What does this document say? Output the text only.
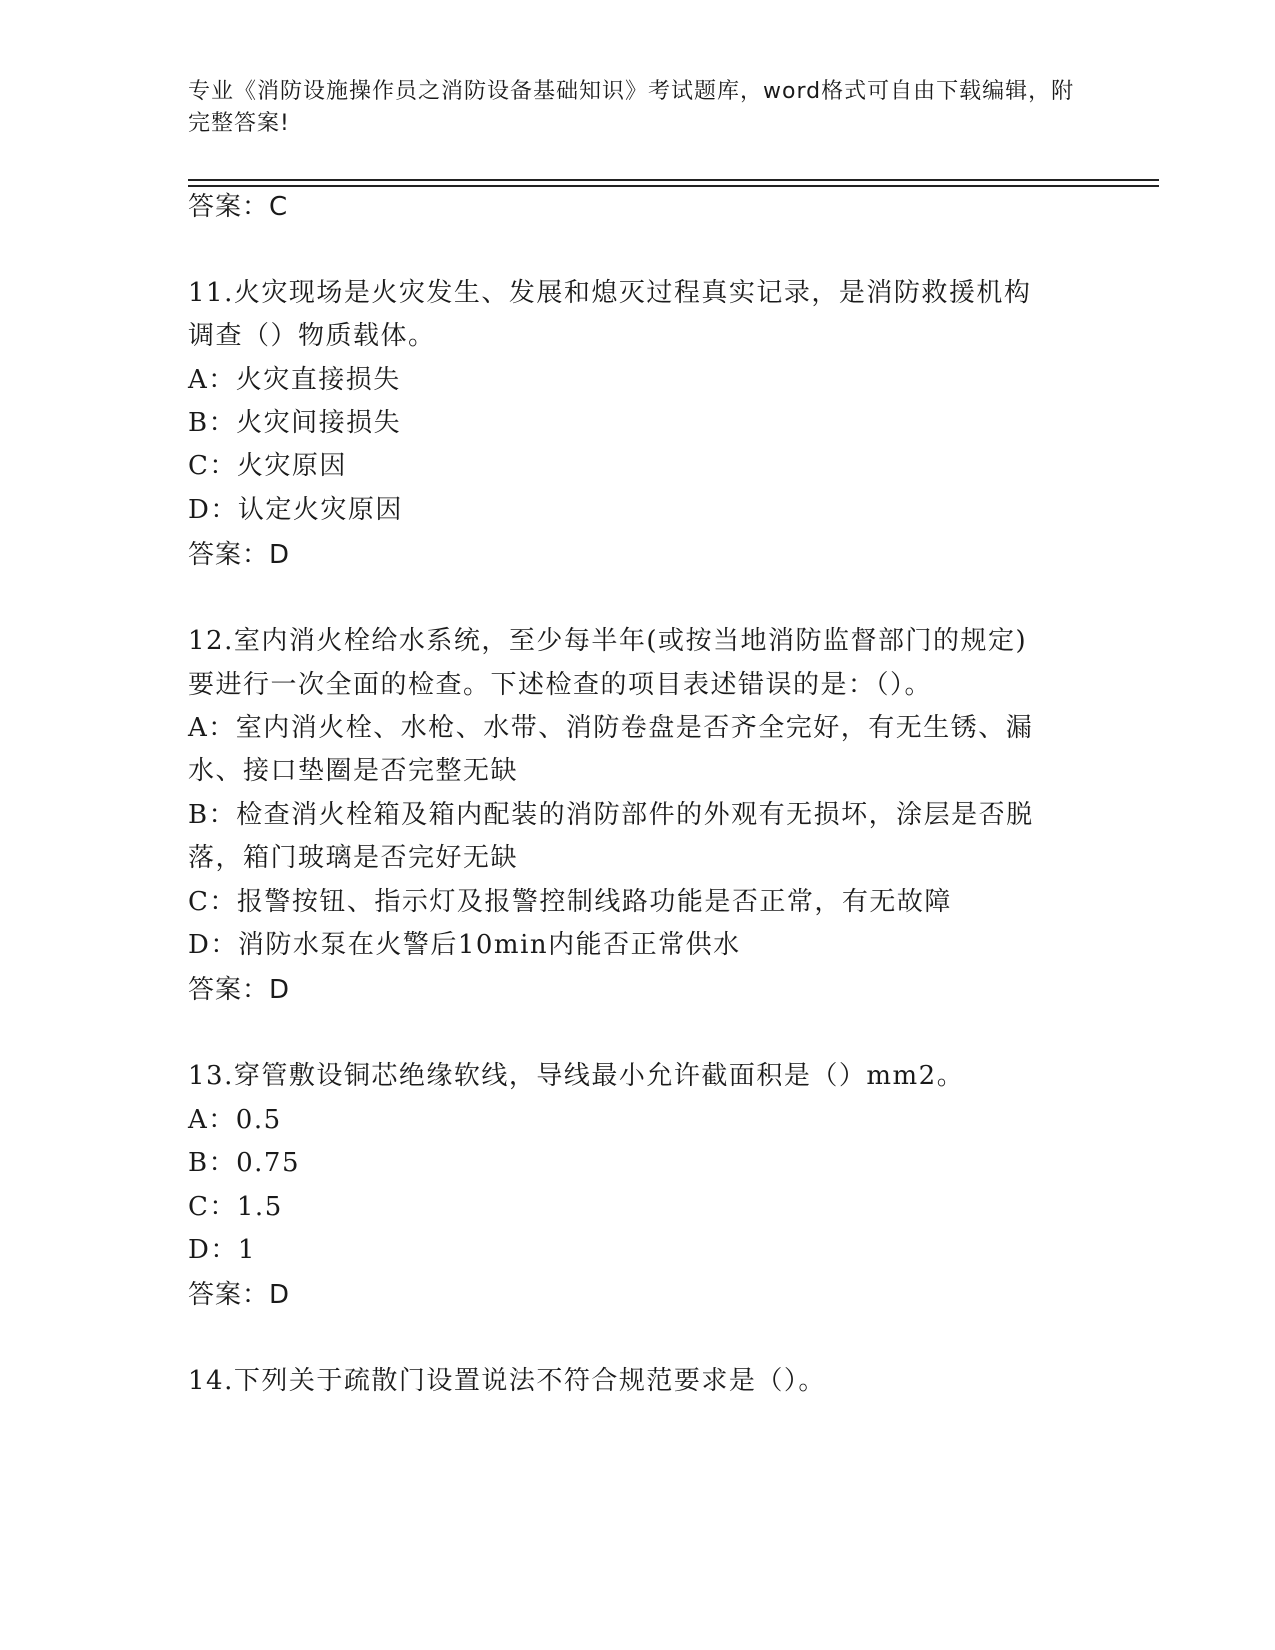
专业《消防设施操作员之消防设备基础知识》考试题库，word格式可自由下载编辑，附完整答案!
答案：C
11.火灾现场是火灾发生、发展和熄灭过程真实记录，是消防救援机构
调查（）物质载体。
A：火灾直接损失
B：火灾间接损失
C：火灾原因
D：认定火灾原因
答案：D
12.室内消火栓给水系统，至少每半年(或按当地消防监督部门的规定)
要进行一次全面的检查。下述检查的项目表述错误的是：（）。
A：室内消火栓、水枪、水带、消防卷盘是否齐全完好，有无生锈、漏
水、接口垫圈是否完整无缺
B：检查消火栓箱及箱内配装的消防部件的外观有无损坏，涂层是否脱
落，箱门玻璃是否完好无缺
C：报警按钮、指示灯及报警控制线路功能是否正常，有无故障
D：消防水泵在火警后10min内能否正常供水
答案：D
13.穿管敷设铜芯绝缘软线，导线最小允许截面积是（）mm2。
A：0.5
B：0.75
C：1.5
D：1
答案：D
14.下列关于疏散门设置说法不符合规范要求是（）。
